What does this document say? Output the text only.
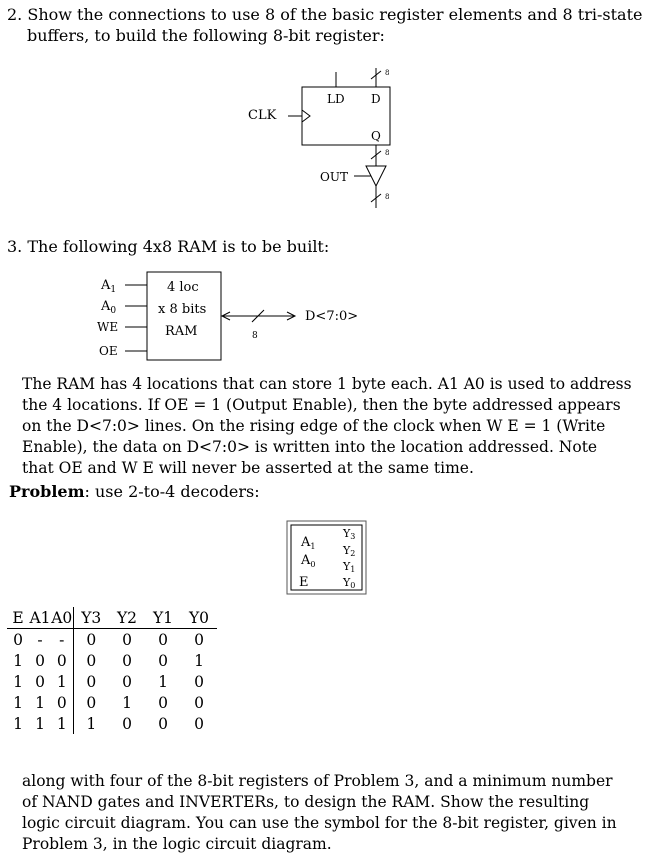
2. Show the connections to use 8 of the basic register elements and 8 tri-state
buffers, to build the following 8-bit register:
CLK
LD D
Q
OUT
8
8
8
3. The following 4x8 RAM is to be built:
$A_1$
$A_0$
WE
OE
4 loc
x 8 bits
RAM	8
D<7:0>
The RAM has 4 locations that can store 1 byte each. A1 A0 is used to address
the 4 locations. If OE = 1 (Output Enable), then the byte addressed appears
on the D<7:0> lines. On the rising edge of the clock when W E = 1 (Write
Enable), the data on D<7:0> is written into the location addressed. Note
that OE and W E will never be asserted at the same time.
Problem: use 2-to-4 decoders:
$A_1$
$A_0$
E
Y3
Y2
Y1
Y0
E	A1	A0	Y3	Y2	Y1	Y0
0	-	-	0	0	0	0
1	0	0	0	0	0	1
1	0	1	0	0	1	0
1	1	0	0	1	0	0
1	1	1	1	0	0	0
along with four of the 8-bit registers of Problem 3, and a minimum number
of NAND gates and INVERTERs, to design the RAM. Show the resulting
logic circuit diagram. You can use the symbol for the 8-bit register, given in
Problem 3, in the logic circuit diagram.
